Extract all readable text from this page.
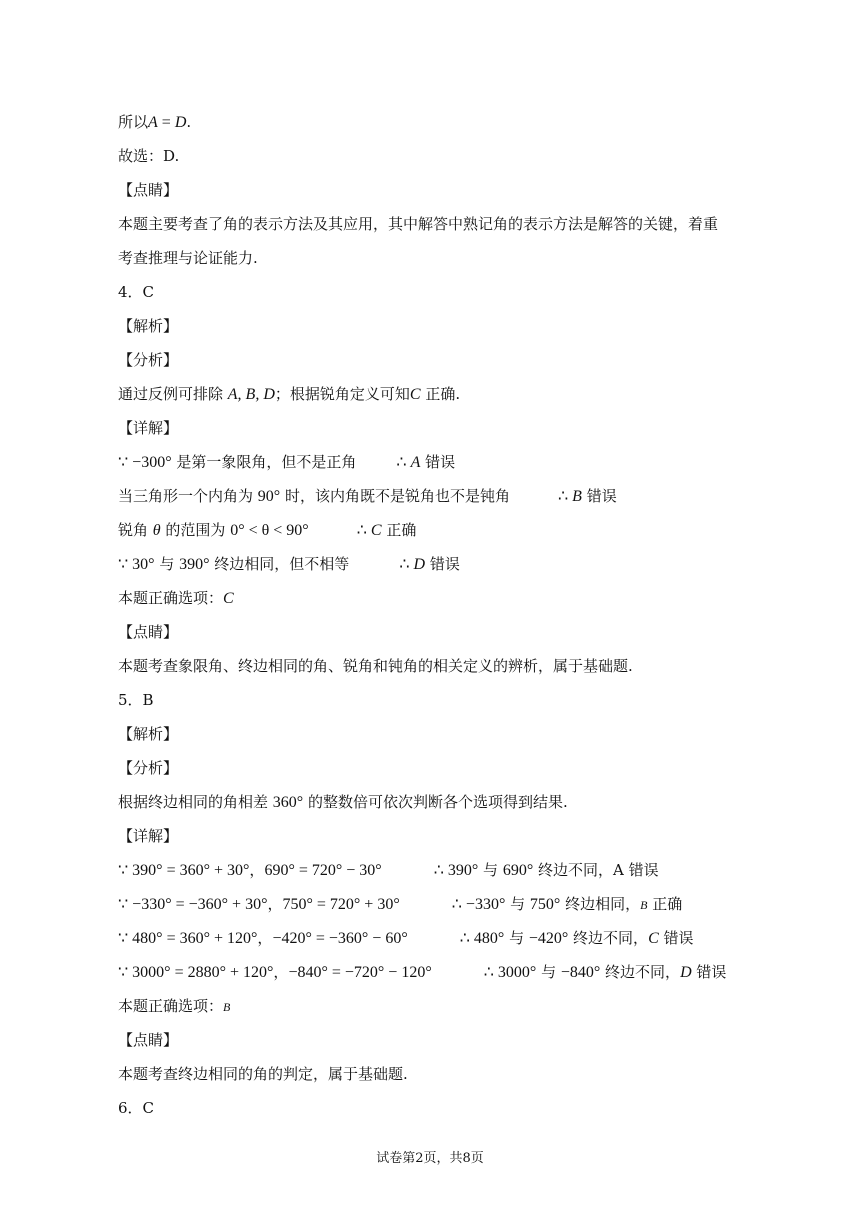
所以A = D.
故选：D.
【点睛】
本题主要考查了角的表示方法及其应用，其中解答中熟记角的表示方法是解答的关键，着重
考查推理与论证能力.
4．C
【解析】
【分析】
通过反例可排除 A, B, D；根据锐角定义可知C 正确.
【详解】
∵ −300° 是第一象限角，但不是正角	∴ A 错误
当三角形一个内角为 90° 时，该内角既不是锐角也不是钝角	∴ B 错误
锐角 θ 的范围为 0° < θ < 90°	∴ C 正确
∵ 30° 与 390° 终边相同，但不相等	∴ D 错误
本题正确选项：C
【点睛】
本题考查象限角、终边相同的角、锐角和钝角的相关定义的辨析，属于基础题.
5．B
【解析】
【分析】
根据终边相同的角相差 360° 的整数倍可依次判断各个选项得到结果.
【详解】
∵ 390° = 360° + 30°，690° = 720° − 30°	∴ 390° 与 690° 终边不同，A 错误
∵ −330° = −360° + 30°，750° = 720° + 30°	∴ −330° 与 750° 终边相同，B 正确
∵ 480° = 360° + 120°，−420° = −360° − 60°	∴ 480° 与 −420° 终边不同，C 错误
∵ 3000° = 2880° + 120°，−840° = −720° − 120°	∴ 3000° 与 −840° 终边不同，D 错误
本题正确选项：B
【点睛】
本题考查终边相同的角的判定，属于基础题.
6．C
试卷第2页，共8页
